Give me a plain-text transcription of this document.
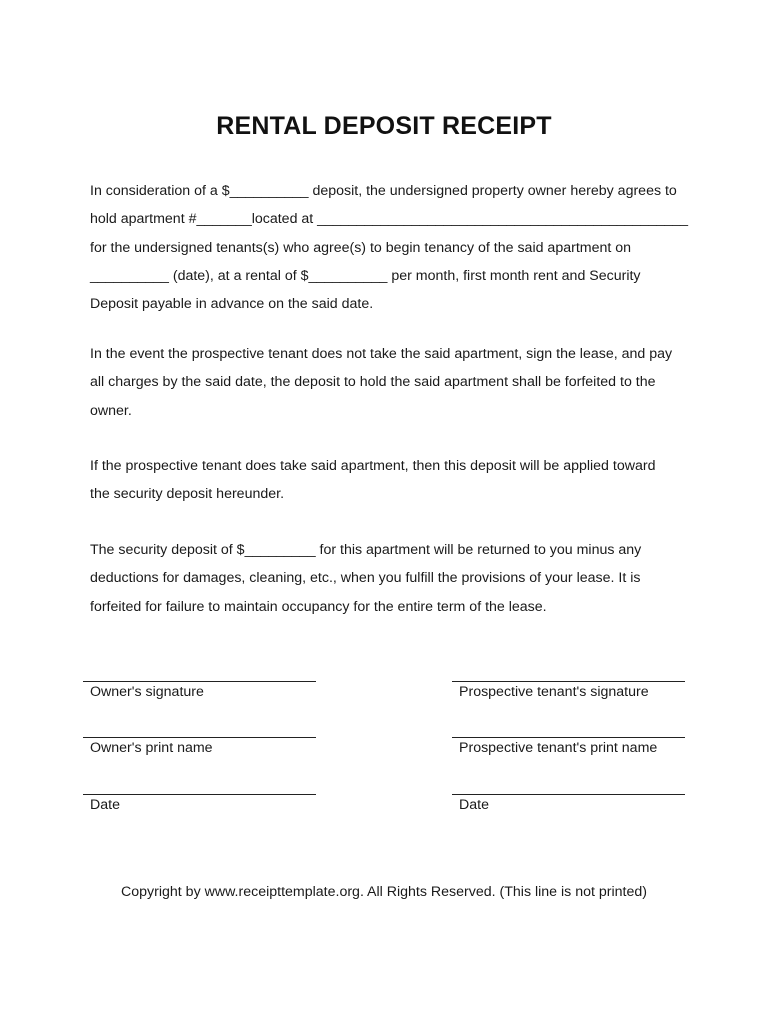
RENTAL DEPOSIT RECEIPT
In consideration of a $__________ deposit, the undersigned property owner hereby agrees to
hold apartment #_______located at _______________________________________________
for the undersigned tenants(s) who agree(s) to begin tenancy of the said apartment on
__________ (date), at a rental of $__________ per month, first month rent and Security
Deposit payable in advance on the said date.
In the event the prospective tenant does not take the said apartment, sign the lease, and pay
all charges by the said date, the deposit to hold the said apartment shall be forfeited to the
owner.
If the prospective tenant does take said apartment, then this deposit will be applied toward
the security deposit hereunder.
The security deposit of $_________ for this apartment will be returned to you minus any
deductions for damages, cleaning, etc., when you fulfill the provisions of your lease. It is
forfeited for failure to maintain occupancy for the entire term of the lease.
Owner's signature
Owner's print name
Date
Prospective tenant's signature
Prospective tenant's print name
Date
Copyright by www.receipttemplate.org. All Rights Reserved. (This line is not printed)
